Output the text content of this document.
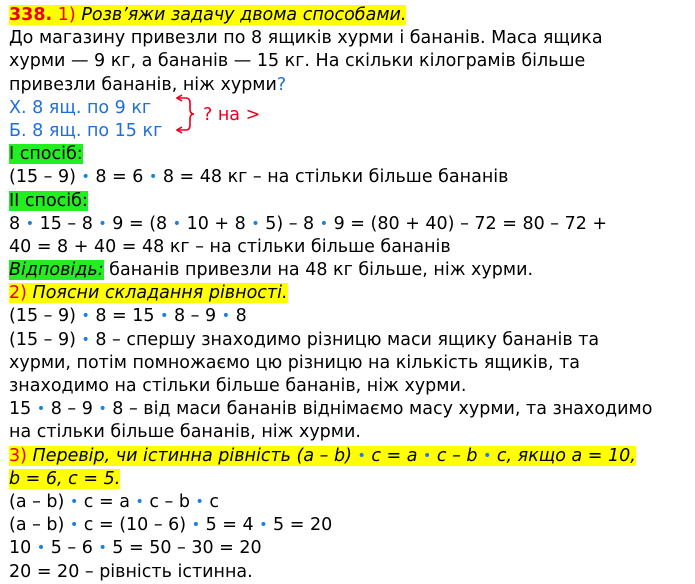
338. 1) Розв’яжи задачу двома способами.
До магазину привезли по 8 ящиків хурми і бананів. Маса ящика
хурми — 9 кг, а бананів — 15 кг. На скільки кілограмів більше
привезли бананів, ніж хурми?
Х. 8 ящ. по 9 кг
Б. 8 ящ. по 15 кг
? на >
І спосіб:
(15 – 9) • 8 = 6 • 8 = 48 кг – на стільки більше бананів
ІІ спосіб:
8 • 15 – 8 • 9 = (8 • 10 + 8 • 5) – 8 • 9 = (80 + 40) – 72 = 80 – 72 +
40 = 8 + 40 = 48 кг – на стільки більше бананів
Відповідь: бананів привезли на 48 кг більше, ніж хурми.
2) Поясни складання рівності.
(15 – 9) • 8 = 15 • 8 – 9 • 8
(15 – 9) • 8 – спершу знаходимо різницю маси ящику бананів та
хурми, потім помножаємо цю різницю на кількість ящиків, та
знаходимо на стільки більше бананів, ніж хурми.
15 • 8 – 9 • 8 – від маси бананів віднімаємо масу хурми, та знаходимо
на стільки більше бананів, ніж хурми.
3) Перевір, чи істинна рівність (a – b) • c = a • c – b • c, якщо a = 10,
b = 6, c = 5.
(a – b) • c = a • c – b • c
(a – b) • c = (10 – 6) • 5 = 4 • 5 = 20
10 • 5 – 6 • 5 = 50 – 30 = 20
20 = 20 – рівність істинна.
